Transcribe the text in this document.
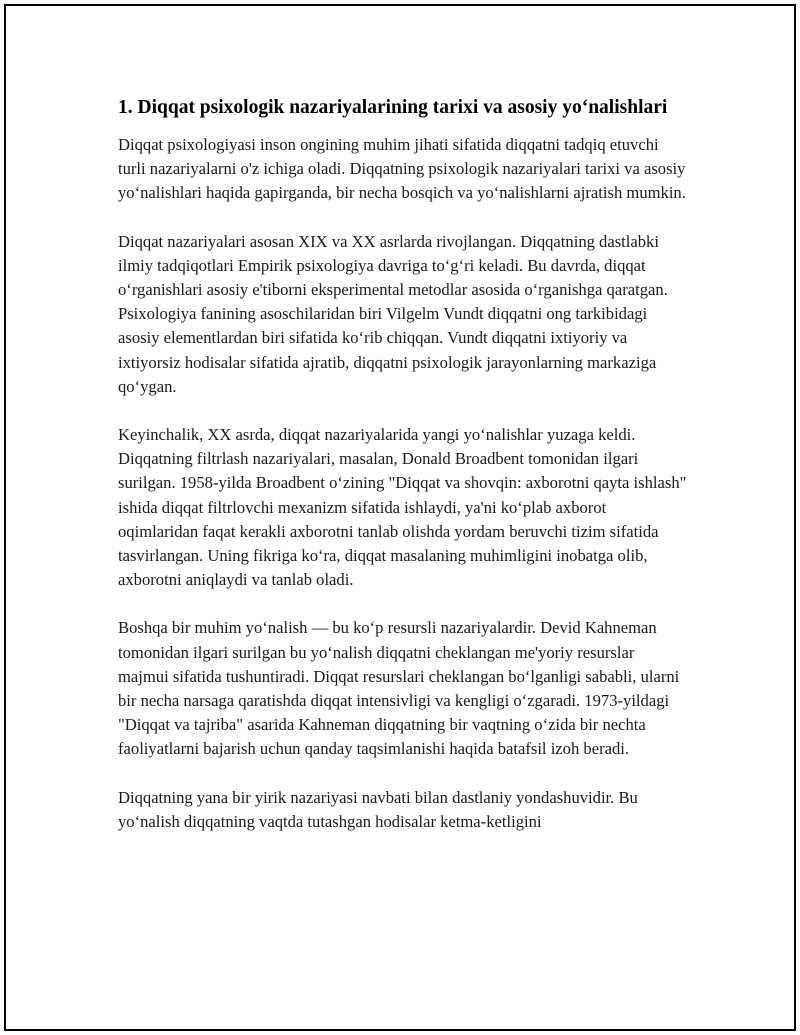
1. Diqqat psixologik nazariyalarining tarixi va asosiy yo‘nalishlari

Diqqat psixologiyasi inson ongining muhim jihati sifatida diqqatni tadqiq etuvchi turli nazariyalarni o'z ichiga oladi. Diqqatning psixologik nazariyalari tarixi va asosiy yo‘nalishlari haqida gapirganda, bir necha bosqich va yo‘nalishlarni ajratish mumkin.

Diqqat nazariyalari asosan XIX va XX asrlarda rivojlangan. Diqqatning dastlabki ilmiy tadqiqotlari Empirik psixologiya davriga to‘g‘ri keladi. Bu davrda, diqqat o‘rganishlari asosiy e'tiborni eksperimental metodlar asosida o‘rganishga qaratgan. Psixologiya fanining asoschilaridan biri Vilgelm Vundt diqqatni ong tarkibidagi asosiy elementlardan biri sifatida ko‘rib chiqqan. Vundt diqqatni ixtiyoriy va ixtiyorsiz hodisalar sifatida ajratib, diqqatni psixologik jarayonlarning markaziga qo‘ygan.

Keyinchalik, XX asrda, diqqat nazariyalarida yangi yo‘nalishlar yuzaga keldi. Diqqatning filtrlash nazariyalari, masalan, Donald Broadbent tomonidan ilgari surilgan. 1958-yilda Broadbent o‘zining "Diqqat va shovqin: axborotni qayta ishlash" ishida diqqat filtrlovchi mexanizm sifatida ishlaydi, ya'ni ko‘plab axborot oqimlaridan faqat kerakli axborotni tanlab olishda yordam beruvchi tizim sifatida tasvirlangan. Uning fikriga ko‘ra, diqqat masalaning muhimligini inobatga olib, axborotni aniqlaydi va tanlab oladi.

Boshqa bir muhim yo‘nalish — bu ko‘p resursli nazariyalardir. Devid Kahneman tomonidan ilgari surilgan bu yo‘nalish diqqatni cheklangan me'yoriy resurslar majmui sifatida tushuntiradi. Diqqat resurslari cheklangan bo‘lganligi sababli, ularni bir necha narsaga qaratishda diqqat intensivligi va kengligi o‘zgaradi. 1973-yildagi "Diqqat va tajriba" asarida Kahneman diqqatning bir vaqtning o‘zida bir nechta faoliyatlarni bajarish uchun qanday taqsimlanishi haqida batafsil izoh beradi.

Diqqatning yana bir yirik nazariyasi navbati bilan dastlaniy yondashuvidir. Bu yo‘nalish diqqatning vaqtda tutashgan hodisalar ketma-ketligini
